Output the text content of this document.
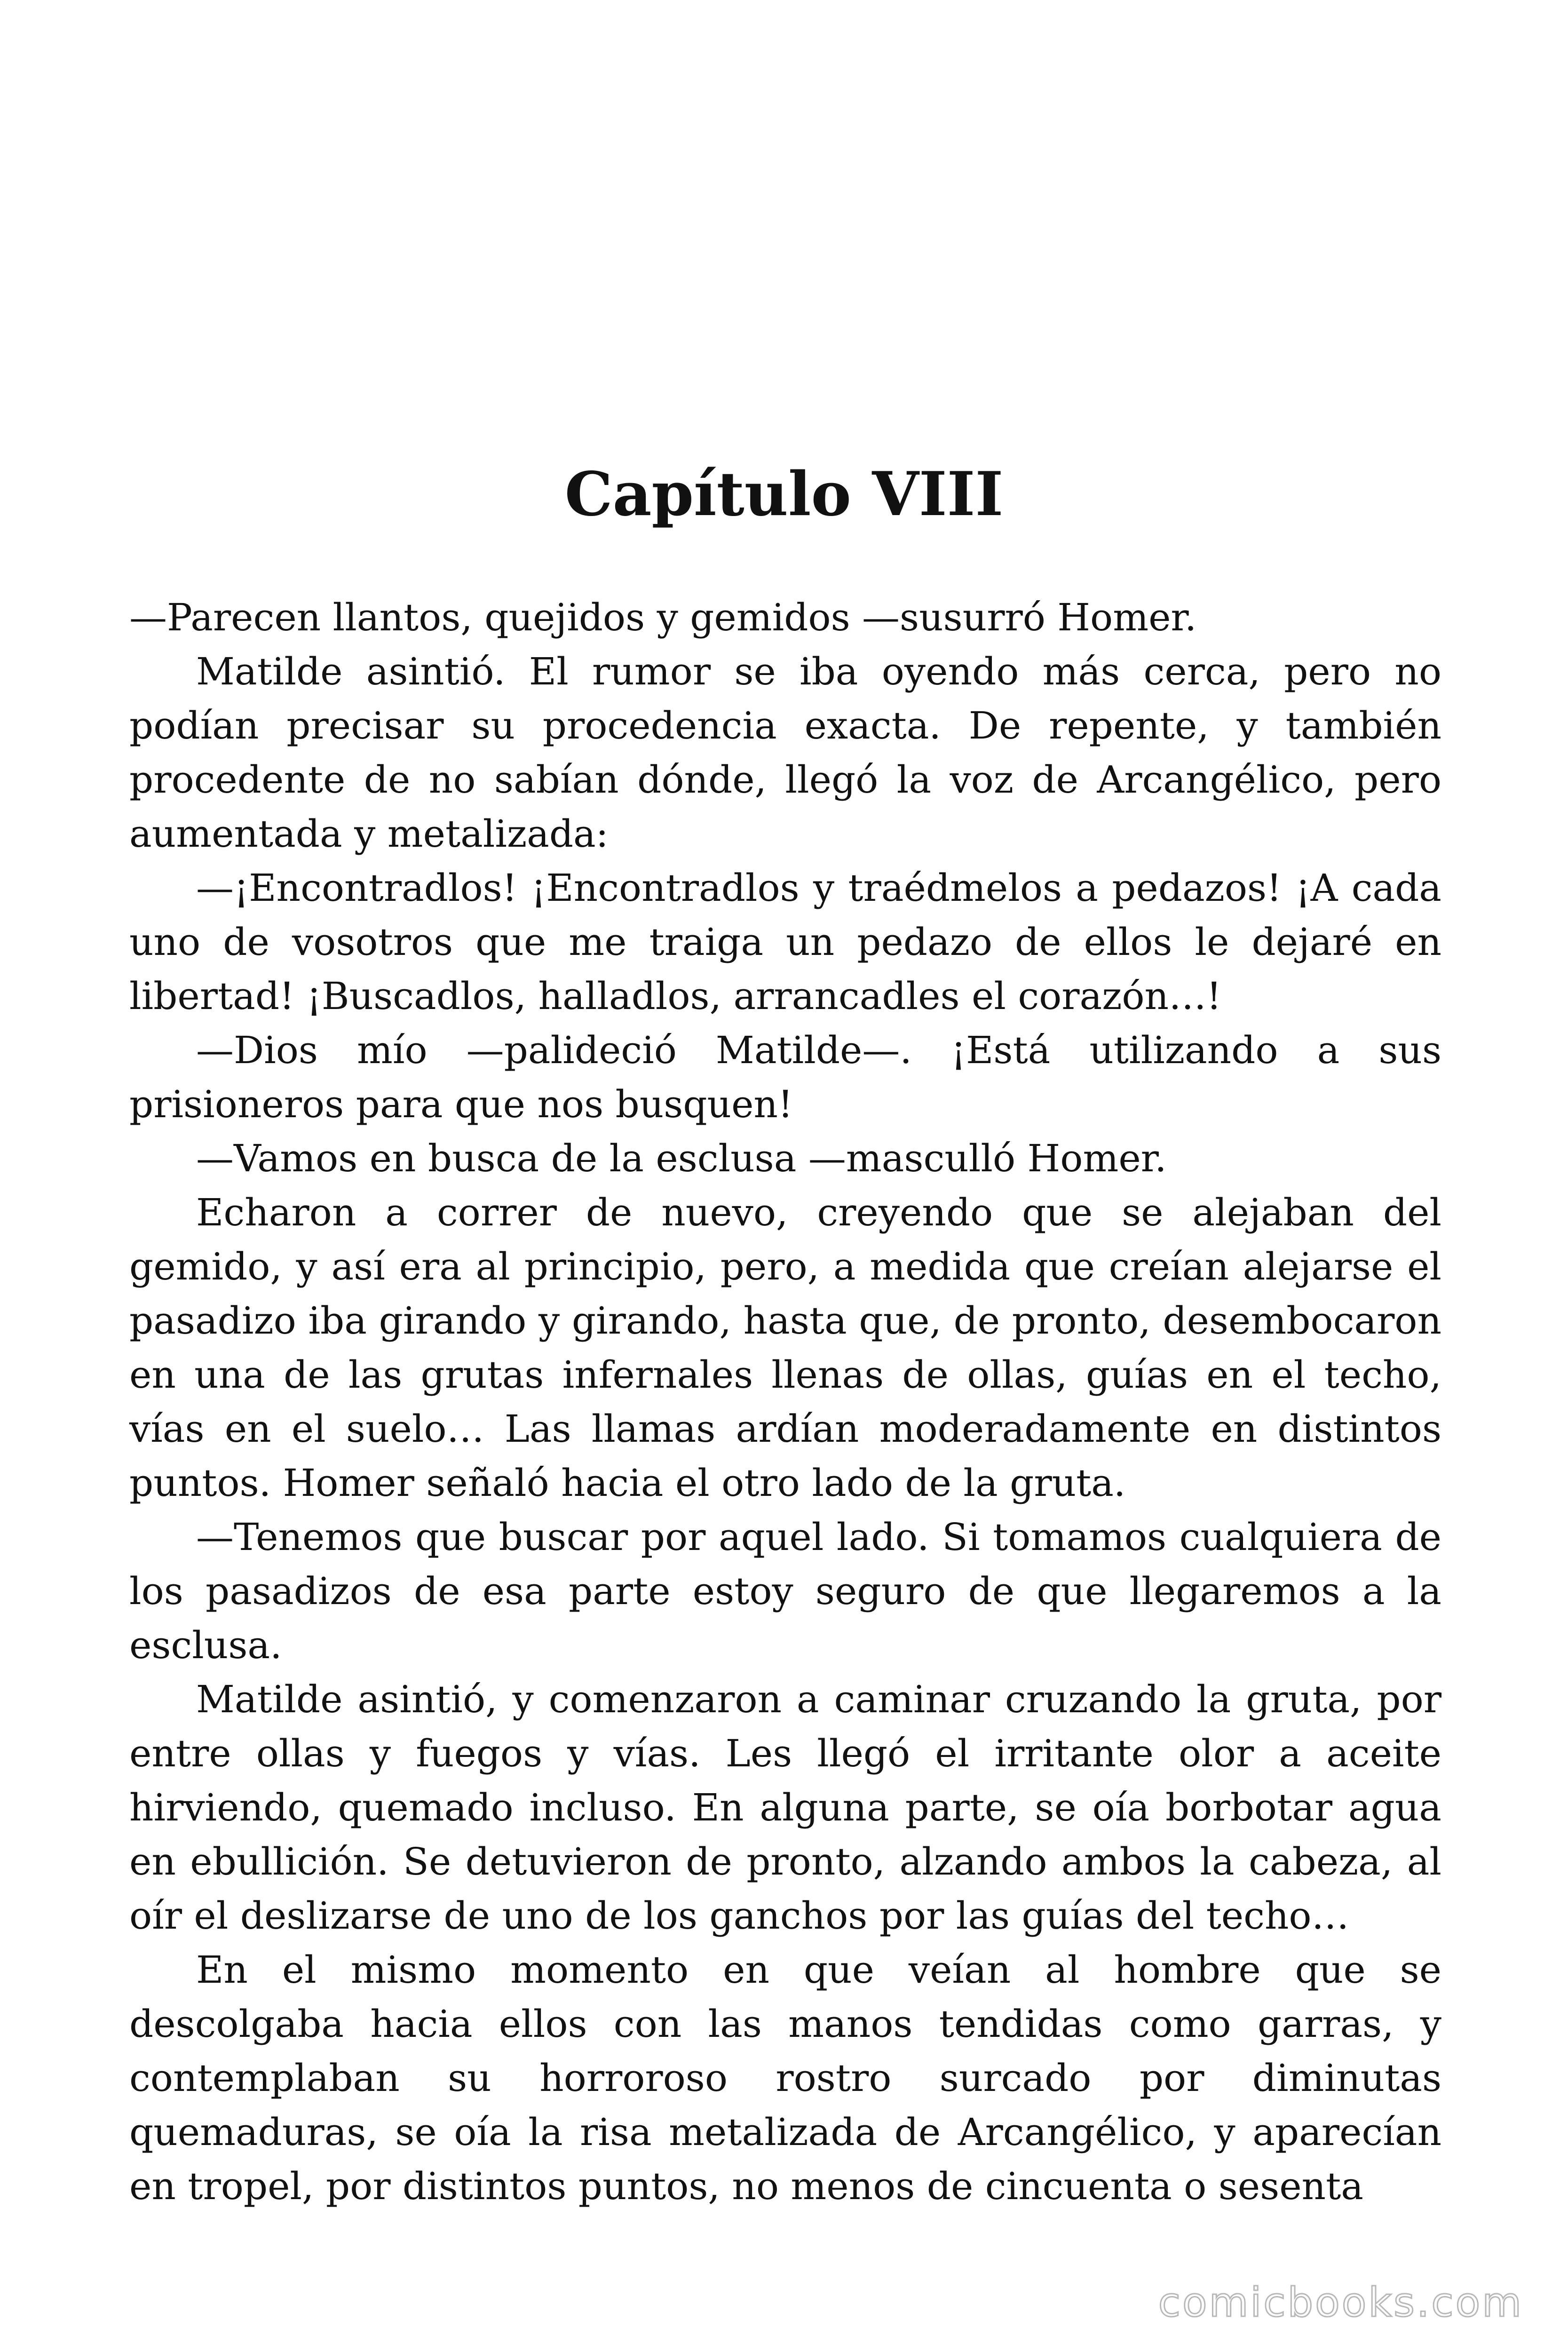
Capítulo VIII

—Parecen llantos, quejidos y gemidos —susurró Homer.

Matilde asintió. El rumor se iba oyendo más cerca, pero no podían precisar su procedencia exacta. De repente, y también procedente de no sabían dónde, llegó la voz de Arcangélico, pero aumentada y metalizada:

—¡Encontradlos! ¡Encontradlos y traédmelos a pedazos! ¡A cada uno de vosotros que me traiga un pedazo de ellos le dejaré en libertad! ¡Buscadlos, halladlos, arrancadles el corazón…!

—Dios mío —palideció Matilde—. ¡Está utilizando a sus prisioneros para que nos busquen!

—Vamos en busca de la esclusa —masculló Homer.

Echaron a correr de nuevo, creyendo que se alejaban del gemido, y así era al principio, pero, a medida que creían alejarse el pasadizo iba girando y girando, hasta que, de pronto, desembocaron en una de las grutas infernales llenas de ollas, guías en el techo, vías en el suelo… Las llamas ardían moderadamente en distintos puntos. Homer señaló hacia el otro lado de la gruta.

—Tenemos que buscar por aquel lado. Si tomamos cualquiera de los pasadizos de esa parte estoy seguro de que llegaremos a la esclusa.

Matilde asintió, y comenzaron a caminar cruzando la gruta, por entre ollas y fuegos y vías. Les llegó el irritante olor a aceite hirviendo, quemado incluso. En alguna parte, se oía borbotar agua en ebullición. Se detuvieron de pronto, alzando ambos la cabeza, al oír el deslizarse de uno de los ganchos por las guías del techo…

En el mismo momento en que veían al hombre que se descolgaba hacia ellos con las manos tendidas como garras, y contemplaban su horroroso rostro surcado por diminutas quemaduras, se oía la risa metalizada de Arcangélico, y aparecían en tropel, por distintos puntos, no menos de cincuenta o sesenta

comicbooks.com
